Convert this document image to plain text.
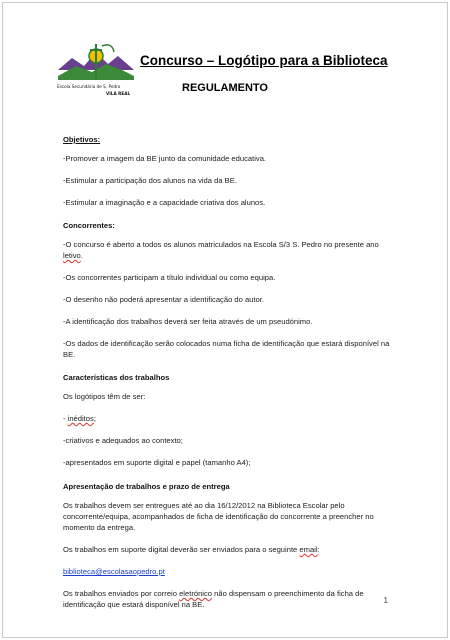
Escola Secundária de S. Pedro
VILA REAL
Concurso – Logótipo para a Biblioteca
REGULAMENTO

Objetivos:

-Promover a imagem da BE junto da comunidade educativa.

-Estimular a participação dos alunos na vida da BE.

-Estimular a imaginação e a capacidade criativa dos alunos.

Concorrentes:

-O concurso é aberto a todos os alunos matriculados na Escola S/3 S. Pedro no presente ano letivo.

-Os concorrentes participam a título individual ou como equipa.

-O desenho não poderá apresentar a identificação do autor.

-A identificação dos trabalhos deverá ser feita através de um pseudónimo.

-Os dados de identificação serão colocados numa ficha de identificação que estará disponível na BE.

Características dos trabalhos

Os logótipos têm de ser:

- inéditos;

-criativos e adequados ao contexto;

-apresentados em suporte digital e papel (tamanho A4);

Apresentação de trabalhos e prazo de entrega

Os trabalhos devem ser entregues até ao dia 16/12/2012 na Biblioteca Escolar pelo concorrente/equipa, acompanhados de ficha de identificação do concorrente a preencher no momento da entrega.

Os trabalhos em suporte digital deverão ser enviados para o seguinte email:

biblioteca@escolasaopedro.pt

Os trabalhos enviados por correio eletrónico não dispensam o preenchimento da ficha de identificação que estará disponível na BE.	1
